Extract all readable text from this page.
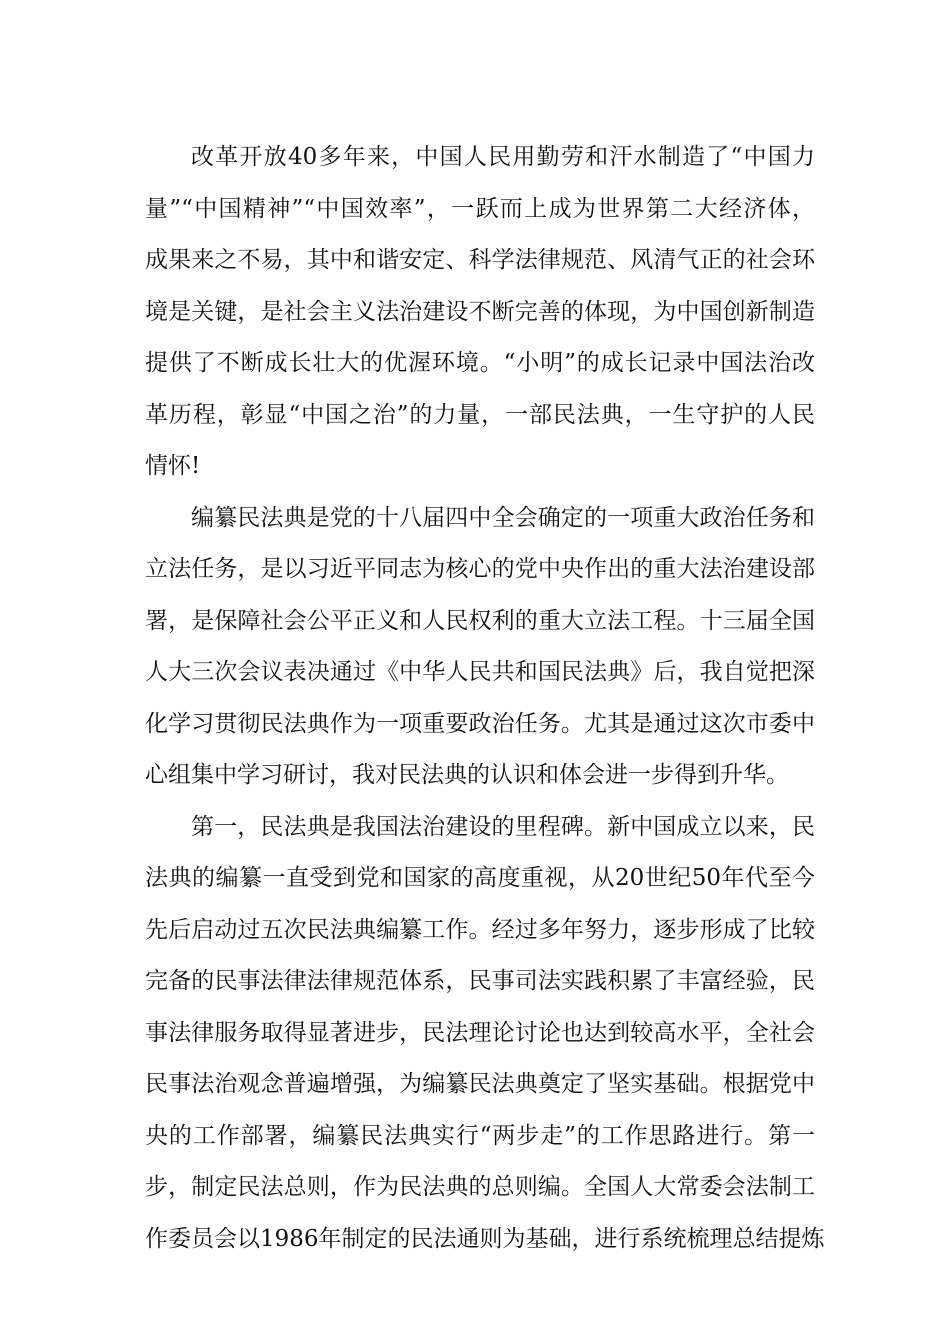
改革开放40多年来，中国人民用勤劳和汗水制造了“中国力
量”“中国精神”“中国效率”，一跃而上成为世界第二大经济体，
成果来之不易，其中和谐安定、科学法律规范、风清气正的社会环
境是关键，是社会主义法治建设不断完善的体现，为中国创新制造
提供了不断成长壮大的优渥环境。“小明”的成长记录中国法治改
革历程，彰显“中国之治”的力量，一部民法典，一生守护的人民
情怀!
编纂民法典是党的十八届四中全会确定的一项重大政治任务和
立法任务，是以习近平同志为核心的党中央作出的重大法治建设部
署，是保障社会公平正义和人民权利的重大立法工程。十三届全国
人大三次会议表决通过《中华人民共和国民法典》后，我自觉把深
化学习贯彻民法典作为一项重要政治任务。尤其是通过这次市委中
心组集中学习研讨，我对民法典的认识和体会进一步得到升华。
第一，民法典是我国法治建设的里程碑。新中国成立以来，民
法典的编纂一直受到党和国家的高度重视，从20世纪50年代至今
先后启动过五次民法典编纂工作。经过多年努力，逐步形成了比较
完备的民事法律法律规范体系，民事司法实践积累了丰富经验，民
事法律服务取得显著进步，民法理论讨论也达到较高水平，全社会
民事法治观念普遍增强，为编纂民法典奠定了坚实基础。根据党中
央的工作部署，编纂民法典实行“两步走”的工作思路进行。第一
步，制定民法总则，作为民法典的总则编。全国人大常委会法制工
作委员会以1986年制定的民法通则为基础，进行系统梳理总结提炼
